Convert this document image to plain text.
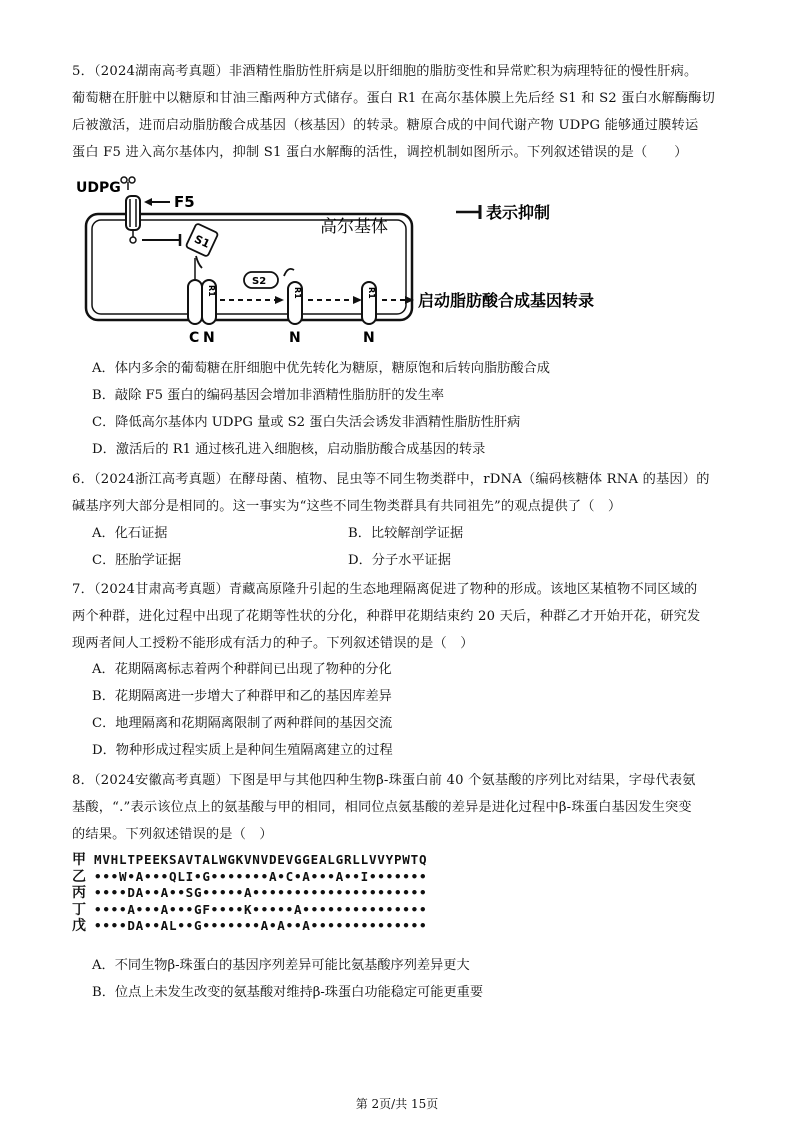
5．（2024湖南高考真题）非酒精性脂肪性肝病是以肝细胞的脂肪变性和异常贮积为病理特征的慢性肝病。
葡萄糖在肝脏中以糖原和甘油三酯两种方式储存。蛋白 R1 在高尔基体膜上先后经 S1 和 S2 蛋白水解酶酶切
后被激活，进而启动脂肪酸合成基因（核基因）的转录。糖原合成的中间代谢产物 UDPG 能够通过膜转运
蛋白 F5 进入高尔基体内，抑制 S1 蛋白水解酶的活性，调控机制如图所示。下列叙述错误的是（　　）
UDPG
F5
高尔基体
S1
R1
C N
S2
N
R1
N
R1	启动脂肪酸合成基因转录
表示抑制
A．体内多余的葡萄糖在肝细胞中优先转化为糖原，糖原饱和后转向脂肪酸合成
B．敲除 F5 蛋白的编码基因会增加非酒精性脂肪肝的发生率
C．降低高尔基体内 UDPG 量或 S2 蛋白失活会诱发非酒精性脂肪性肝病
D．激活后的 R1 通过核孔进入细胞核，启动脂肪酸合成基因的转录
6．（2024浙江高考真题）在酵母菌、植物、昆虫等不同生物类群中，rDNA（编码核糖体 RNA 的基因）的
碱基序列大部分是相同的。这一事实为“这些不同生物类群具有共同祖先”的观点提供了（　）
A．化石证据	B．比较解剖学证据
C．胚胎学证据	D．分子水平证据
7．（2024甘肃高考真题）青藏高原隆升引起的生态地理隔离促进了物种的形成。该地区某植物不同区域的
两个种群，进化过程中出现了花期等性状的分化，种群甲花期结束约 20 天后，种群乙才开始开花，研究发
现两者间人工授粉不能形成有活力的种子。下列叙述错误的是（　）
A．花期隔离标志着两个种群间已出现了物种的分化
B．花期隔离进一步增大了种群甲和乙的基因库差异
C．地理隔离和花期隔离限制了两种群间的基因交流
D．物种形成过程实质上是种间生殖隔离建立的过程
8．（2024安徽高考真题）下图是甲与其他四种生物β-珠蛋白前 40 个氨基酸的序列比对结果，字母代表氨
基酸，“.”表示该位点上的氨基酸与甲的相同，相同位点氨基酸的差异是进化过程中β-珠蛋白基因发生突变
的结果。下列叙述错误的是（　）
甲 MVHLTPEEKSAVTALWGKVNVDEVGGEALGRLLVVYPWTQ
乙 •••W•A•••QLI•G•••••••A•C•A•••A••I•••••••
丙 ••••DA••A••SG•••••A•••••••••••••••••••••
丁 ••••A•••A•••GF••••K•••••A•••••••••••••••
戊 ••••DA••AL••G•••••••A•A••A••••••••••••••
A．不同生物β-珠蛋白的基因序列差异可能比氨基酸序列差异更大
B．位点上未发生改变的氨基酸对维持β-珠蛋白功能稳定可能更重要
第 2页/共 15页
